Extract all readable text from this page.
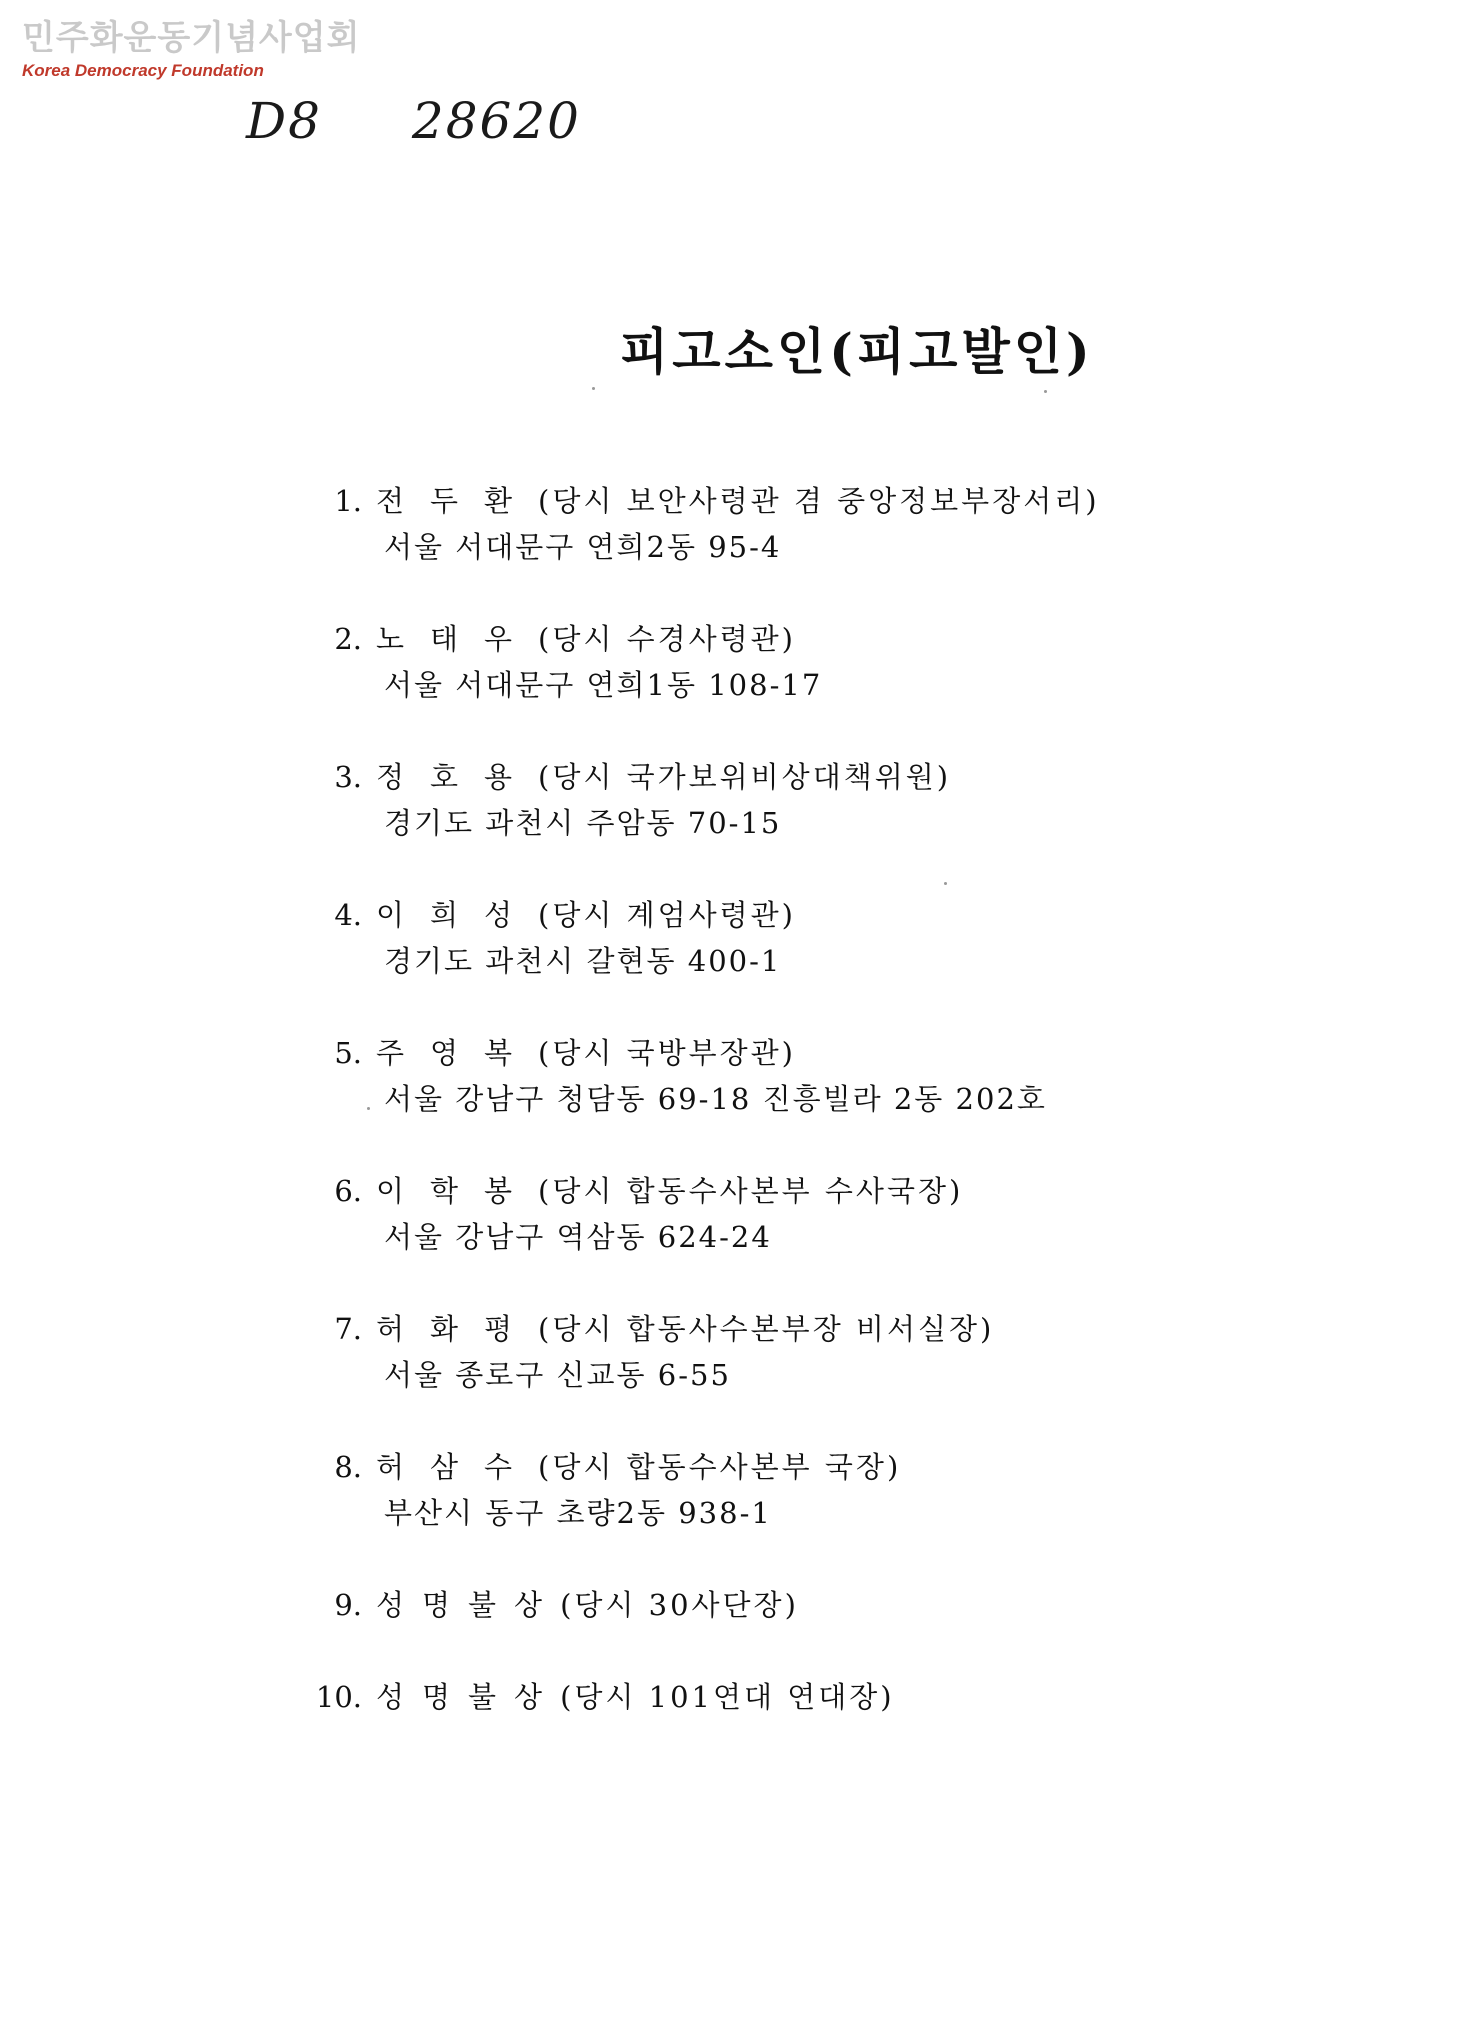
민주화운동기념사업회
Korea Democracy Foundation
D8 28620
피고소인(피고발인)
1. 전두환(당시 보안사령관 겸 중앙정보부장서리)
서울 서대문구 연희2동 95-4
2. 노태우(당시 수경사령관)
서울 서대문구 연희1동 108-17
3. 정호용(당시 국가보위비상대책위원)
경기도 과천시 주암동 70-15
4. 이희성(당시 계엄사령관)
경기도 과천시 갈현동 400-1
5. 주영복(당시 국방부장관)
서울 강남구 청담동 69-18 진흥빌라 2동 202호
6. 이학봉(당시 합동수사본부 수사국장)
서울 강남구 역삼동 624-24
7. 허화평(당시 합동사수본부장 비서실장)
서울 종로구 신교동 6-55
8. 허삼수(당시 합동수사본부 국장)
부산시 동구 초량2동 938-1
9. 성명불상(당시 30사단장)
10. 성명불상(당시 101연대 연대장)
